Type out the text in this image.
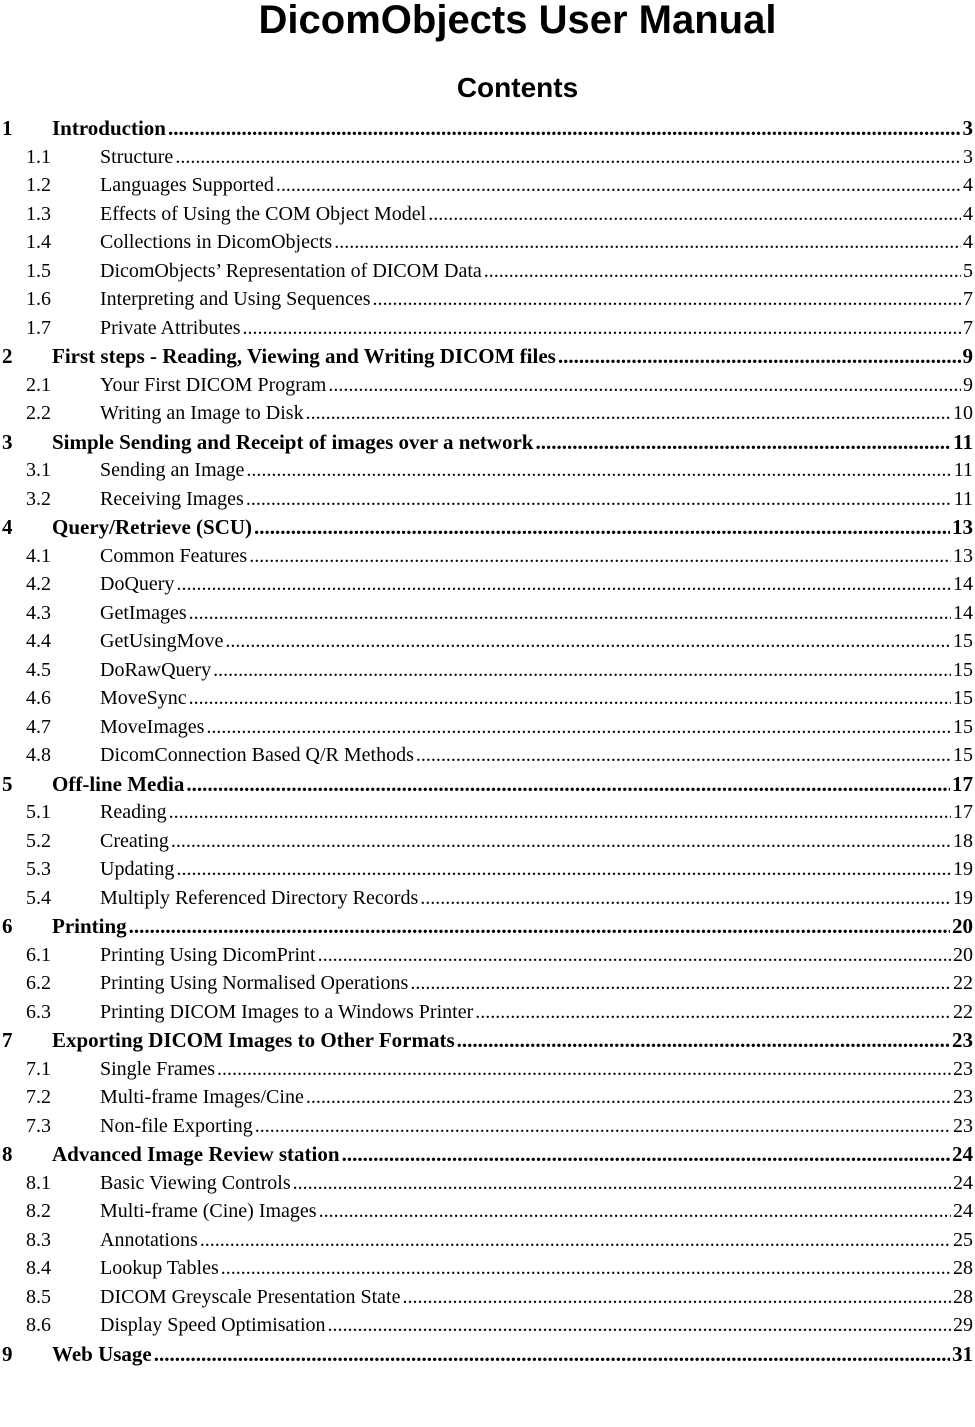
DicomObjects User Manual
Contents
1	Introduction .....	3
1.1	Structure .....	3
1.2	Languages Supported .....	4
1.3	Effects of Using the COM Object Model .....	4
1.4	Collections in DicomObjects .....	4
1.5	DicomObjects’ Representation of DICOM Data .....	5
1.6	Interpreting and Using Sequences .....	7
1.7	Private Attributes .....	7
2	First steps - Reading, Viewing and Writing DICOM files .....	9
2.1	Your First DICOM Program .....	9
2.2	Writing an Image to Disk .....	10
3	Simple Sending and Receipt of images over a network .....	11
3.1	Sending an Image .....	11
3.2	Receiving Images .....	11
4	Query/Retrieve (SCU) .....	13
4.1	Common Features .....	13
4.2	DoQuery .....	14
4.3	GetImages .....	14
4.4	GetUsingMove .....	15
4.5	DoRawQuery .....	15
4.6	MoveSync .....	15
4.7	MoveImages .....	15
4.8	DicomConnection Based Q/R Methods .....	15
5	Off-line Media .....	17
5.1	Reading .....	17
5.2	Creating .....	18
5.3	Updating .....	19
5.4	Multiply Referenced Directory Records .....	19
6	Printing .....	20
6.1	Printing Using DicomPrint .....	20
6.2	Printing Using Normalised Operations .....	22
6.3	Printing DICOM Images to a Windows Printer .....	22
7	Exporting DICOM Images to Other Formats .....	23
7.1	Single Frames .....	23
7.2	Multi-frame Images/Cine .....	23
7.3	Non-file Exporting .....	23
8	Advanced Image Review station .....	24
8.1	Basic Viewing Controls .....	24
8.2	Multi-frame (Cine) Images .....	24
8.3	Annotations .....	25
8.4	Lookup Tables .....	28
8.5	DICOM Greyscale Presentation State .....	28
8.6	Display Speed Optimisation .....	29
9	Web Usage .....	31
